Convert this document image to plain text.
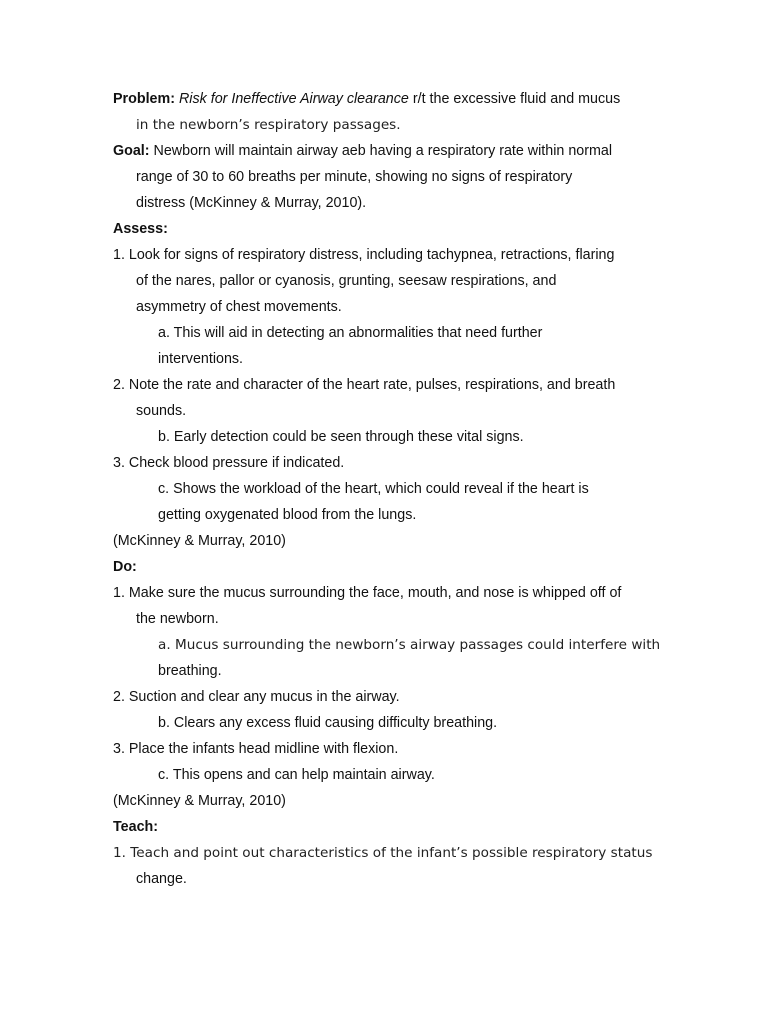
Problem: Risk for Ineffective Airway clearance r/t the excessive fluid and mucus
in the newborn’s respiratory passages.
Goal: Newborn will maintain airway aeb having a respiratory rate within normal
range of 30 to 60 breaths per minute, showing no signs of respiratory
distress (McKinney & Murray, 2010).
Assess:
1. Look for signs of respiratory distress, including tachypnea, retractions, flaring
of the nares, pallor or cyanosis, grunting, seesaw respirations, and
asymmetry of chest movements.
a. This will aid in detecting an abnormalities that need further
interventions.
2. Note the rate and character of the heart rate, pulses, respirations, and breath
sounds.
b. Early detection could be seen through these vital signs.
3. Check blood pressure if indicated.
c. Shows the workload of the heart, which could reveal if the heart is
getting oxygenated blood from the lungs.
(McKinney & Murray, 2010)
Do:
1. Make sure the mucus surrounding the face, mouth, and nose is whipped off of
the newborn.
a. Mucus surrounding the newborn’s airway passages could interfere with
breathing.
2. Suction and clear any mucus in the airway.
b. Clears any excess fluid causing difficulty breathing.
3. Place the infants head midline with flexion.
c. This opens and can help maintain airway.
(McKinney & Murray, 2010)
Teach:
1. Teach and point out characteristics of the infant’s possible respiratory status
change.
